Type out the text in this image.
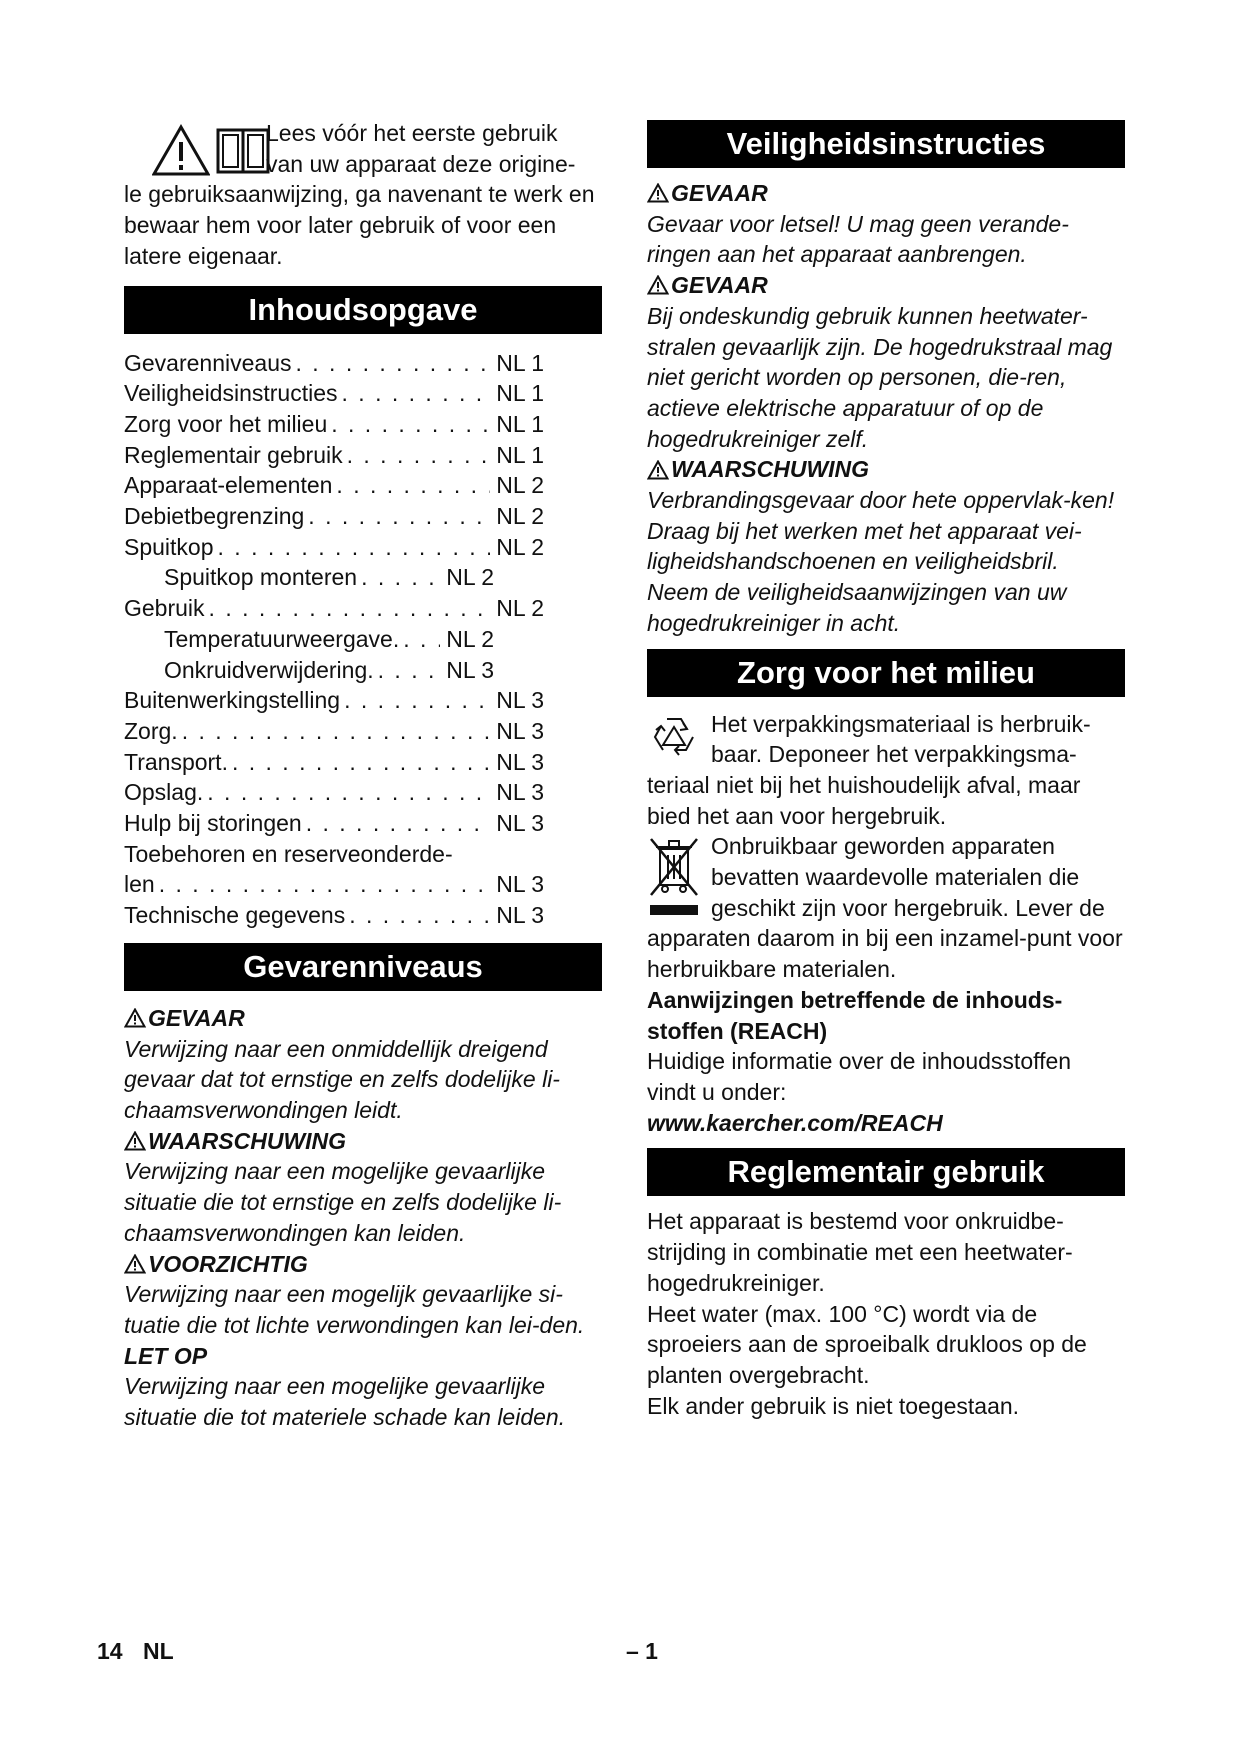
Lees vóór het eerste gebruik

van uw apparaat deze origine-

le gebruiksaanwijzing, ga navenant te werk en bewaar hem voor later gebruik of voor een latere eigenaar.

Inhoudsopgave
Gevarenniveaus . . .	NL 1
Veiligheidsinstructies . . .	NL 1
Zorg voor het milieu . . .	NL 1
Reglementair gebruik . . .	NL 1
Apparaat-elementen . . .	NL 2
Debietbegrenzing . . .	NL 2
Spuitkop . . .	NL 2
Spuitkop monteren . . .	NL 2
Gebruik . . .	NL 2
Temperatuurweergave. . . . NL 2
Onkruidverwijdering. . . .	NL 3
Buitenwerkingstelling . . .	NL 3
Zorg. . . .	NL 3
Transport. . . .	NL 3
Opslag. . . .	NL 3
Hulp bij storingen . . .	NL 3
Toebehoren en reserveonderde-
len . . .	NL 3
Technische gegevens . . .	NL 3
Gevarenniveaus

GEVAAR

Verwijzing naar een onmiddellijk dreigend gevaar dat tot ernstige en zelfs dodelijke li-chaamsverwondingen leidt.

WAARSCHUWING

Verwijzing naar een mogelijke gevaarlijke situatie die tot ernstige en zelfs dodelijke li-chaamsverwondingen kan leiden.

VOORZICHTIG

Verwijzing naar een mogelijk gevaarlijke si-tuatie die tot lichte verwondingen kan lei-den.

LET OP

Verwijzing naar een mogelijke gevaarlijke situatie die tot materiele schade kan leiden.

Veiligheidsinstructies

GEVAAR

Gevaar voor letsel! U mag geen verande-ringen aan het apparaat aanbrengen.

GEVAAR

Bij ondeskundig gebruik kunnen heetwater-stralen gevaarlijk zijn. De hogedrukstraal mag niet gericht worden op personen, die-ren, actieve elektrische apparatuur of op de hogedrukreiniger zelf.

WAARSCHUWING

Verbrandingsgevaar door hete oppervlak-ken!

Draag bij het werken met het apparaat vei-ligheidshandschoenen en veiligheidsbril.

Neem de veiligheidsaanwijzingen van uw hogedrukreiniger in acht.

Zorg voor het milieu

Het verpakkingsmateriaal is herbruik-baar. Deponeer het verpakkingsma-teriaal niet bij het huishoudelijk afval, maar bied het aan voor hergebruik.

Onbruikbaar geworden apparaten bevatten waardevolle materialen die geschikt zijn voor hergebruik. Lever de apparaten daarom in bij een inzamel-punt voor herbruikbare materialen.

Aanwijzingen betreffende de inhouds-stoffen (REACH)

Huidige informatie over de inhoudsstoffen vindt u onder:

www.kaercher.com/REACH

Reglementair gebruik

Het apparaat is bestemd voor onkruidbe-strijding in combinatie met een heetwater-hogedrukreiniger.

Heet water (max. 100 °C) wordt via de sproeiers aan de sproeibalk drukloos op de planten overgebracht.

Elk ander gebruik is niet toegestaan.

14 NL	– 1
